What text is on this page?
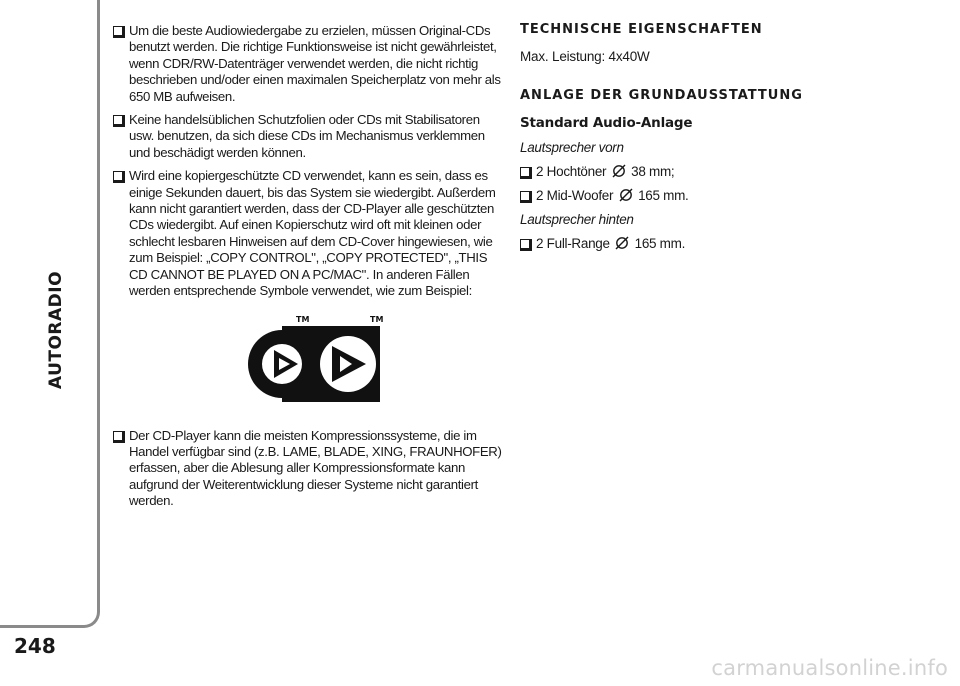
AUTORADIO
248
Um die beste Audiowiedergabe zu erzielen, müssen Original-CDs benutzt werden. Die richtige Funktionsweise ist nicht gewährleistet, wenn CDR/RW-Datenträger verwendet werden, die nicht richtig beschrieben und/oder einen maximalen Speicherplatz von mehr als 650 MB aufweisen.
Keine handelsüblichen Schutzfolien oder CDs mit Stabilisatoren usw. benutzen, da sich diese CDs im Mechanismus verklemmen und beschädigt werden können.
Wird eine kopiergeschützte CD verwendet, kann es sein, dass es einige Sekunden dauert, bis das System sie wiedergibt. Außerdem kann nicht garantiert werden, dass der CD-Player alle geschützten CDs wiedergibt. Auf einen Kopierschutz wird oft mit kleinen oder schlecht lesbaren Hinweisen auf dem CD-Cover hingewiesen, wie zum Beispiel: „COPY CONTROL", „COPY PROTECTED", „THIS CD CANNOT BE PLAYED ON A PC/MAC". In anderen Fällen werden entsprechende Symbole verwendet, wie zum Beispiel:
TM	TM
Der CD-Player kann die meisten Kompressionssysteme, die im Handel verfügbar sind (z.B. LAME, BLADE, XING, FRAUNHOFER) erfassen, aber die Ablesung aller Kompressionsformate kann aufgrund der Weiterentwicklung dieser Systeme nicht garantiert werden.
TECHNISCHE EIGENSCHAFTEN
Max. Leistung: 4x40W
ANLAGE DER GRUNDAUSSTATTUNG
Standard Audio-Anlage
Lautsprecher vorn
2 Hochtöner 38 mm;
2 Mid-Woofer 165 mm.
Lautsprecher hinten
2 Full-Range 165 mm.
carmanualsonline.info
